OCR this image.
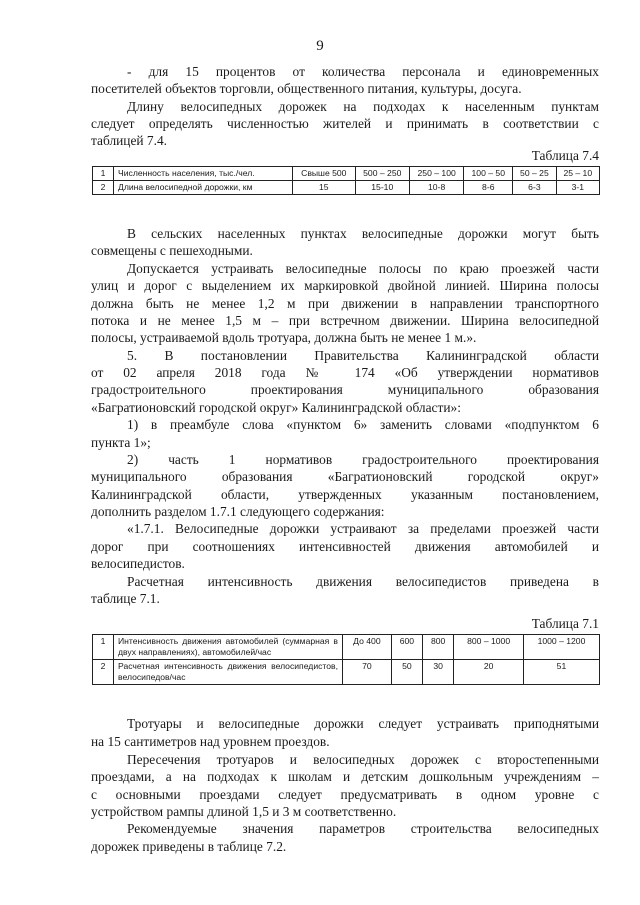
9
- для 15 процентов от количества персонала и единовременных
посетителей объектов торговли, общественного питания, культуры, досуга.
Длину велосипедных дорожек на подходах к населенным пунктам
следует определять численностью жителей и принимать в соответствии с
таблицей 7.4.
Таблица 7.4
1	Численность населения, тыс./чел.	Свыше 500	500 – 250	250 – 100	100 – 50	50 – 25	25 – 10
2	Длина велосипедной дорожки, км	15	15-10	10-8	8-6	6-3	3-1
В сельских населенных пунктах велосипедные дорожки могут быть
совмещены с пешеходными.
Допускается устраивать велосипедные полосы по краю проезжей части
улиц и дорог с выделением их маркировкой двойной линией. Ширина полосы
должна быть не менее 1,2 м при движении в направлении транспортного
потока и не менее 1,5 м – при встречном движении. Ширина велосипедной
полосы, устраиваемой вдоль тротуара, должна быть не менее 1 м.».
5. В постановлении Правительства Калининградской области
от 02 апреля 2018 года № 174 «Об утверждении нормативов
градостроительного проектирования муниципального образования
«Багратионовский городской округ» Калининградской области»:
1) в преамбуле слова «пунктом 6» заменить словами «подпунктом 6
пункта 1»;
2) часть 1 нормативов градостроительного проектирования
муниципального образования «Багратионовский городской округ»
Калининградской области, утвержденных указанным постановлением,
дополнить разделом 1.7.1 следующего содержания:
«1.7.1. Велосипедные дорожки устраивают за пределами проезжей части
дорог при соотношениях интенсивностей движения автомобилей и
велосипедистов.
Расчетная интенсивность движения велосипедистов приведена в
таблице 7.1.
Таблица 7.1
1	Интенсивность движения автомобилей (суммарная в двух направлениях), автомобилей/час	До 400	600	800	800 – 1000	1000 – 1200
2	Расчетная интенсивность движения велосипедистов, велосипедов/час	70	50	30	20	51
Тротуары и велосипедные дорожки следует устраивать приподнятыми
на 15 сантиметров над уровнем проездов.
Пересечения тротуаров и велосипедных дорожек с второстепенными
проездами, а на подходах к школам и детским дошкольным учреждениям –
с основными проездами следует предусматривать в одном уровне с
устройством рампы длиной 1,5 и 3 м соответственно.
Рекомендуемые значения параметров строительства велосипедных
дорожек приведены в таблице 7.2.
